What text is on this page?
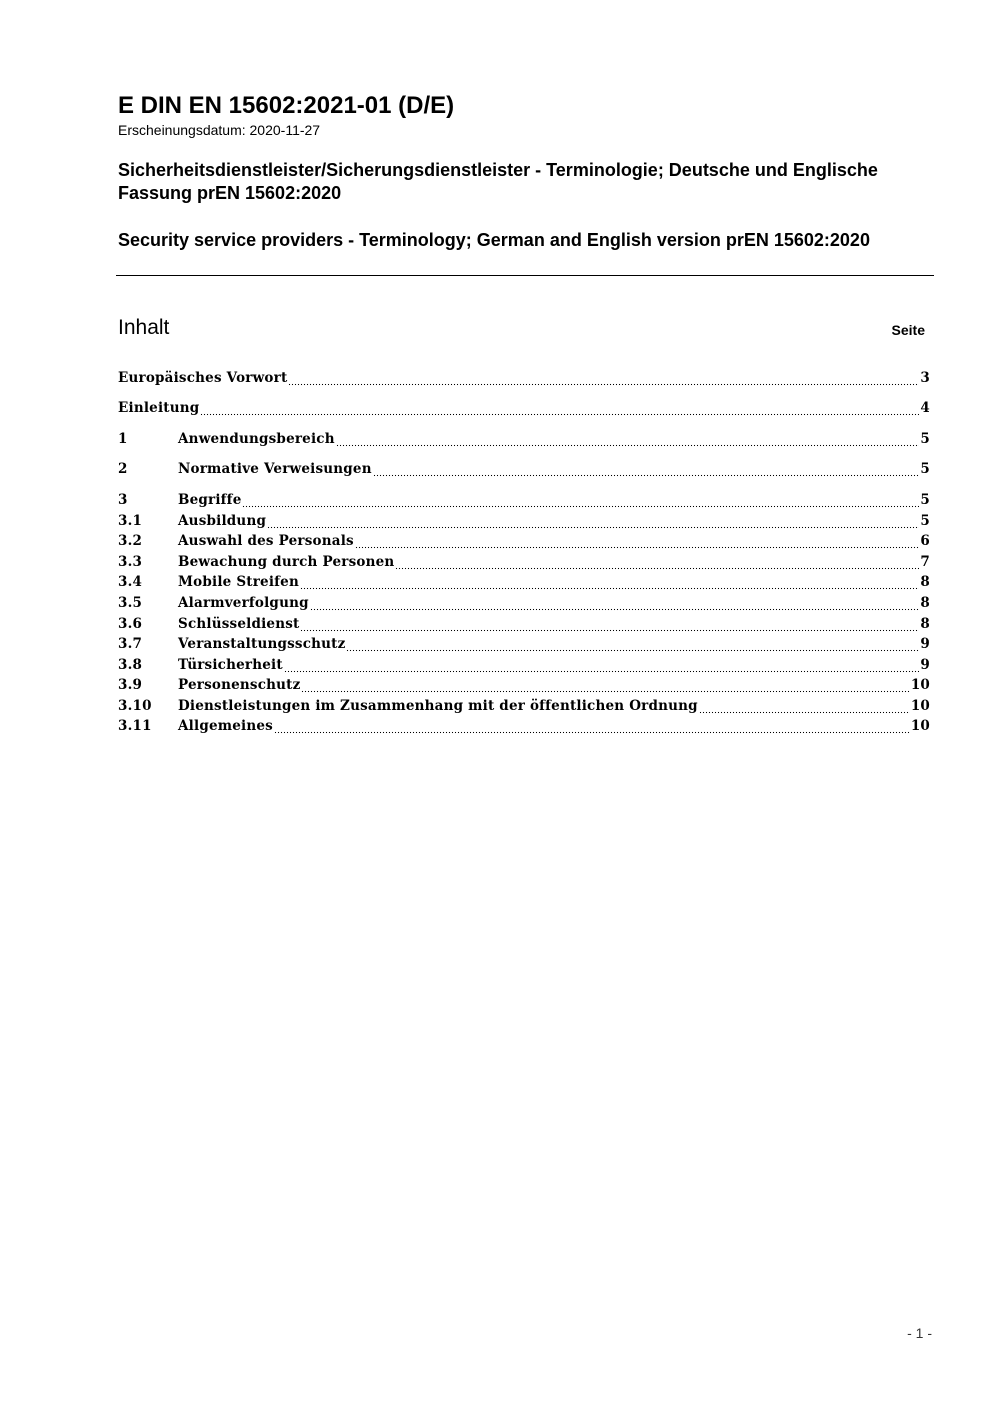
E DIN EN 15602:2021-01 (D/E)
Erscheinungsdatum: 2020-11-27
Sicherheitsdienstleister/Sicherungsdienstleister - Terminologie; Deutsche und Englische Fassung prEN 15602:2020
Security service providers - Terminology; German and English version prEN 15602:2020
Inhalt	Seite
Europäisches Vorwort	3
Einleitung	4
1	Anwendungsbereich	5
2	Normative Verweisungen	5
3	Begriffe	5
3.1	Ausbildung	5
3.2	Auswahl des Personals	6
3.3	Bewachung durch Personen	7
3.4	Mobile Streifen	8
3.5	Alarmverfolgung	8
3.6	Schlüsseldienst	8
3.7	Veranstaltungsschutz	9
3.8	Türsicherheit	9
3.9	Personenschutz	10
3.10	Dienstleistungen im Zusammenhang mit der öffentlichen Ordnung	10
3.11	Allgemeines	10
- 1 -
